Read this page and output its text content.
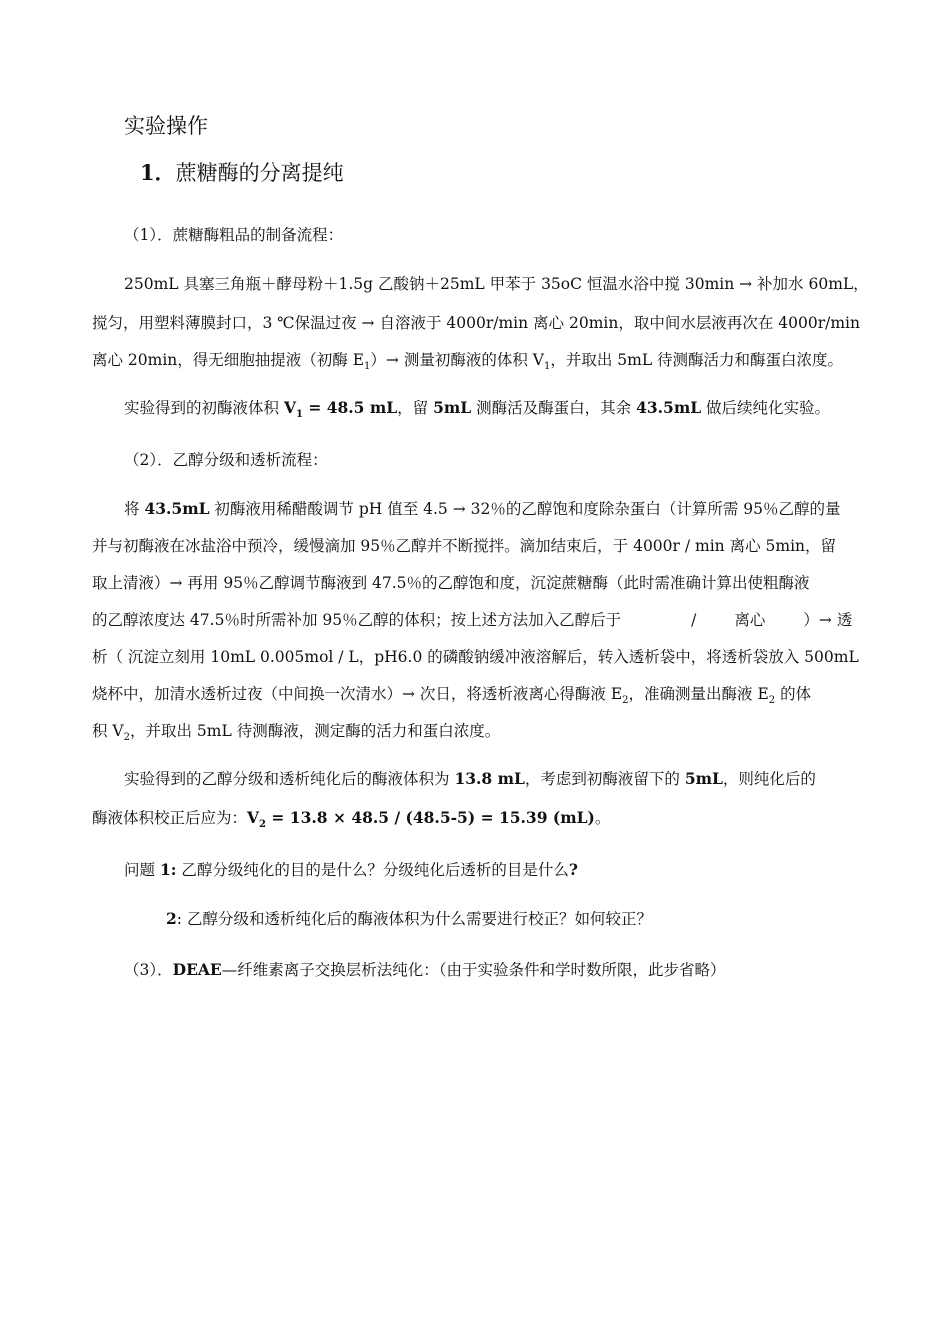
实验操作
1．蔗糖酶的分离提纯
（1）．蔗糖酶粗品的制备流程：
250mL 具塞三角瓶＋酵母粉＋1.5g 乙酸钠＋25mL 甲苯于 35oC 恒温水浴中搅 30min → 补加水 60mL，
搅匀，用塑料薄膜封口，3 ℃保温过夜 → 自溶液于 4000r/min 离心 20min，取中间水层液再次在 4000r/min
离心 20min，得无细胞抽提液（初酶 $E_1)\to$ 测量初酶液的体积 $V_1$，并取出 5mL 待测酶活力和酶蛋白浓度。
实验得到的初酶液体积 $V_1 = 48.5$ mL，留 5mL 测酶活及酶蛋白，其余 43.5mL 做后续纯化实验。
（2）．乙醇分级和透析流程：
将 43.5mL 初酶液用稀醋酸调节 pH 值至 4.5 → 32％的乙醇饱和度除杂蛋白（计算所需 95％乙醇的量
并与初酶液在冰盐浴中预冷，缓慢滴加 95％乙醇并不断搅拌。滴加结束后，于 4000r / min 离心 5min，留
取上清液）→ 再用 95％乙醇调节酶液到 47.5％的乙醇饱和度，沉淀蔗糖酶（此时需准确计算出使粗酶液
的乙醇浓度达 47.5％时所需补加 95％乙醇的体积；按上述方法加入乙醇后于	/ 离心 ）→ 透
析（ 沉淀立刻用 10mL 0.005mol / L，pH6.0 的磷酸钠缓冲液溶解后，转入透析袋中，将透析袋放入 500mL
烧杯中，加清水透析过夜（中间换一次清水）→ 次日，将透析液离心得酶液 $E_2$，准确测量出酶液 $E_2$ 的体
积 $V_2$，并取出 5mL 待测酶液，测定酶的活力和蛋白浓度。
实验得到的乙醇分级和透析纯化后的酶液体积为 13.8 mL，考虑到初酶液留下的 5mL，则纯化后的
酶液体积校正后应为：$V_2 = 13.8 \times 48.5 / (48.5-5) = 15.39$ (mL)。
问题 1: 乙醇分级纯化的目的是什么？分级纯化后透析的目是什么?
2: 乙醇分级和透析纯化后的酶液体积为什么需要进行校正？如何较正？
（3）．DEAE—纤维素离子交换层析法纯化：（由于实验条件和学时数所限，此步省略）
